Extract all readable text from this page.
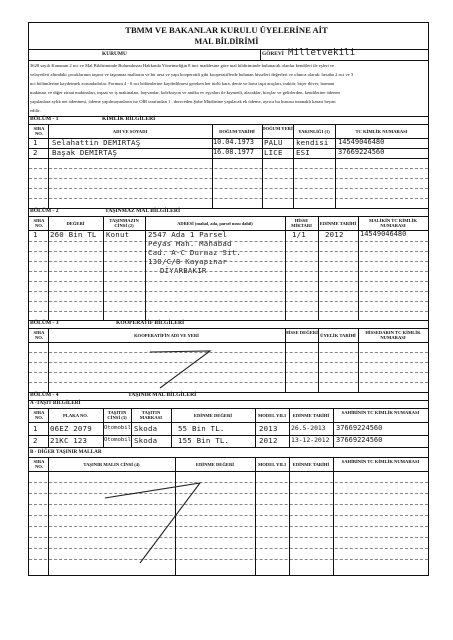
TBMM VE BAKANLAR KURULU ÜYELERİNE AİT
MAL BİLDİRİMİ
KURUMU	GÖREVİ Milletvekili
3628 sayılı Kanunun 2 nci ve Mal Bildiriminde Bulunulması Hakkında Yönetmeliğin 8 inci maddesine göre mal bildiriminde bulunacak olanlar kendileri ile eşleri ve
velayetleri altındaki çocuklarının taşınır ve taşınmaz mallarını ve bir arsa ve yapı kooperatifi gibi kooperatiflerde bulunan hisseleri değerleri ve olunca olarak: hesaba 2 nci ve 3
nci bölümlerine kaydetmek zorundadırlar. Formun 4 - 6 ncı bölümlerine kaydedilmesi gereken her türlü kara, deniz ve hava taşıt araçları, traktör, biçer döver, harman
makinası ve diğer ziraat makinaları, inşaat ve iş makinaları, hayvanlar, koleksiyon ve antika ev eşyaları ile kıymetli, alacaklar, borçlar ve gelirlerden, kendilerine ödenen
yapılanlara aylık net ödenmesi, ödeme yapılmayanların ise OİB tarafından 1 . dereceden Şube Müdürüne yapılacak ek ödeme, ayrıca bu hususu tutanaklı kasası beyan
edilir.
BÖLÜM - 1	KİMLİK BİLGİLERİ
SIRA NO.	ADI VE SOYADI	DOĞUM TARİHİ
DOĞUM YERİ
YAKINLIĞI (1)	TC KİMLİK NUMARASI
1 Selahattin DEMİRTAŞ	10.04.1973 PALU kendisi 14549046480
2 Başak DEMİRTAŞ	16.08.1977 LİCE ESİ	37669224560
BÖLÜM - 2	TAŞINMAZ MAL BİLGİLERİ
SIRA NO.	DEĞERİ
TAŞINMAZIN CİNSİ (2)	ADRESİ (mahal, ada, parsel nosu dahil)
HİSSE MİKTARI	EDİNME TARİHİ
MALİKİN TC KİMLİK NUMARASI
1 260 Bin TL Konut	2547 Ada 1 Parsel
Peyas Mah. Mahabad
Cad. A-C Durmaz Sit.
130/C/8 Kayapınar
DİYARBAKIR
1/1	2012 14549046480
BÖLÜM - 3	KOOPERATİF BİLGİLERİ
SIRA NO.	KOOPERATİFİN ADI VE YERİ
HİSSE DEĞERİ
ÜYELİK TARİHİ
HİSSEDARIN TC KİMLİK NUMARASI
BÖLÜM - 4	TAŞINIR MAL BİLGİLERİ
A -TAŞIT BİLGİLERİ
SIRA NO.	PLAKA NO.
TAŞITIN CİNSİ (3)
TAŞITIN MARKASI	EDİNME DEĞERİ	MODEL YILI	EDİNME TARİHİ
SAHİBİNİN TC KİMLİK NUMARASI
1 06EZ 2079 Otomobil Skoda	55 Bin TL.	2013 26.5-2013 37669224560
2 21KC 123	Otomobil Skoda	155 Bin TL.	2012 13-12-2012 37669224560
B - DİĞER TAŞINIR MALLAR
SIRA NO.	TAŞINIR MALIN CİNSİ (4)	EDİNME DEĞERİ	MODEL YILI	EDİNME TARİHİ
SAHİBİNİN TC KİMLİK NUMARASI
